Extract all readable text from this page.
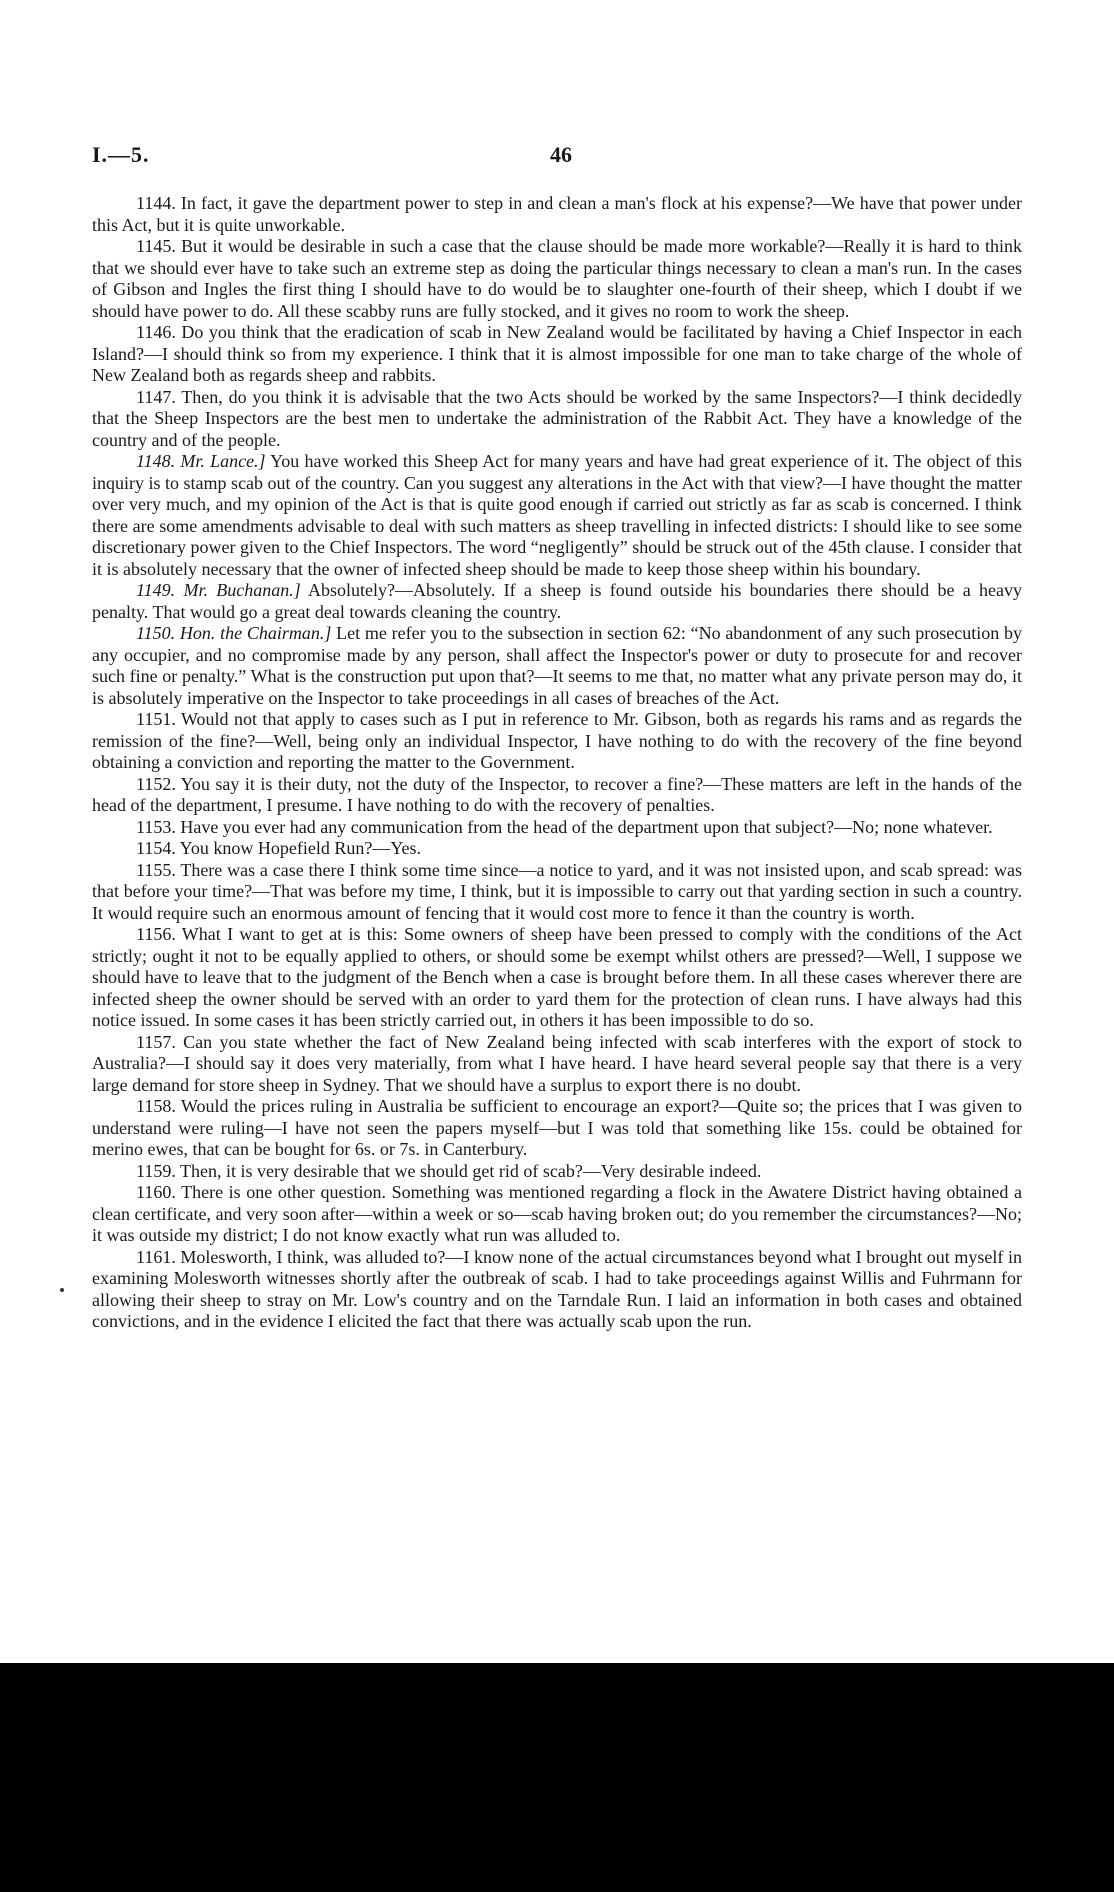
I.—5.	46

1144. In fact, it gave the department power to step in and clean a man's flock at his expense?—We have that power under this Act, but it is quite unworkable.

1145. But it would be desirable in such a case that the clause should be made more workable?—Really it is hard to think that we should ever have to take such an extreme step as doing the particular things necessary to clean a man's run. In the cases of Gibson and Ingles the first thing I should have to do would be to slaughter one-fourth of their sheep, which I doubt if we should have power to do. All these scabby runs are fully stocked, and it gives no room to work the sheep.

1146. Do you think that the eradication of scab in New Zealand would be facilitated by having a Chief Inspector in each Island?—I should think so from my experience. I think that it is almost impossible for one man to take charge of the whole of New Zealand both as regards sheep and rabbits.

1147. Then, do you think it is advisable that the two Acts should be worked by the same Inspectors?—I think decidedly that the Sheep Inspectors are the best men to undertake the administration of the Rabbit Act. They have a knowledge of the country and of the people.

1148. Mr. Lance.] You have worked this Sheep Act for many years and have had great experience of it. The object of this inquiry is to stamp scab out of the country. Can you suggest any alterations in the Act with that view?—I have thought the matter over very much, and my opinion of the Act is that is quite good enough if carried out strictly as far as scab is concerned. I think there are some amendments advisable to deal with such matters as sheep travelling in infected districts: I should like to see some discretionary power given to the Chief Inspectors. The word “negligently” should be struck out of the 45th clause. I consider that it is absolutely necessary that the owner of infected sheep should be made to keep those sheep within his boundary.

1149. Mr. Buchanan.] Absolutely?—Absolutely. If a sheep is found outside his boundaries there should be a heavy penalty. That would go a great deal towards cleaning the country.

1150. Hon. the Chairman.] Let me refer you to the subsection in section 62: “No abandonment of any such prosecution by any occupier, and no compromise made by any person, shall affect the Inspector's power or duty to prosecute for and recover such fine or penalty.” What is the construction put upon that?—It seems to me that, no matter what any private person may do, it is absolutely imperative on the Inspector to take proceedings in all cases of breaches of the Act.

1151. Would not that apply to cases such as I put in reference to Mr. Gibson, both as regards his rams and as regards the remission of the fine?—Well, being only an individual Inspector, I have nothing to do with the recovery of the fine beyond obtaining a conviction and reporting the matter to the Government.

1152. You say it is their duty, not the duty of the Inspector, to recover a fine?—These matters are left in the hands of the head of the department, I presume. I have nothing to do with the recovery of penalties.

1153. Have you ever had any communication from the head of the department upon that subject?—No; none whatever.

1154. You know Hopefield Run?—Yes.

1155. There was a case there I think some time since—a notice to yard, and it was not insisted upon, and scab spread: was that before your time?—That was before my time, I think, but it is impossible to carry out that yarding section in such a country. It would require such an enormous amount of fencing that it would cost more to fence it than the country is worth.

1156. What I want to get at is this: Some owners of sheep have been pressed to comply with the conditions of the Act strictly; ought it not to be equally applied to others, or should some be exempt whilst others are pressed?—Well, I suppose we should have to leave that to the judgment of the Bench when a case is brought before them. In all these cases wherever there are infected sheep the owner should be served with an order to yard them for the protection of clean runs. I have always had this notice issued. In some cases it has been strictly carried out, in others it has been impossible to do so.

1157. Can you state whether the fact of New Zealand being infected with scab interferes with the export of stock to Australia?—I should say it does very materially, from what I have heard. I have heard several people say that there is a very large demand for store sheep in Sydney. That we should have a surplus to export there is no doubt.

1158. Would the prices ruling in Australia be sufficient to encourage an export?—Quite so; the prices that I was given to understand were ruling—I have not seen the papers myself—but I was told that something like 15s. could be obtained for merino ewes, that can be bought for 6s. or 7s. in Canterbury.

1159. Then, it is very desirable that we should get rid of scab?—Very desirable indeed.

1160. There is one other question. Something was mentioned regarding a flock in the Awatere District having obtained a clean certificate, and very soon after—within a week or so—scab having broken out; do you remember the circumstances?—No; it was outside my district; I do not know exactly what run was alluded to.

1161. Molesworth, I think, was alluded to?—I know none of the actual circumstances beyond what I brought out myself in examining Molesworth witnesses shortly after the outbreak of scab. I had to take proceedings against Willis and Fuhrmann for allowing their sheep to stray on Mr. Low's country and on the Tarndale Run. I laid an information in both cases and obtained convictions, and in the evidence I elicited the fact that there was actually scab upon the run.
